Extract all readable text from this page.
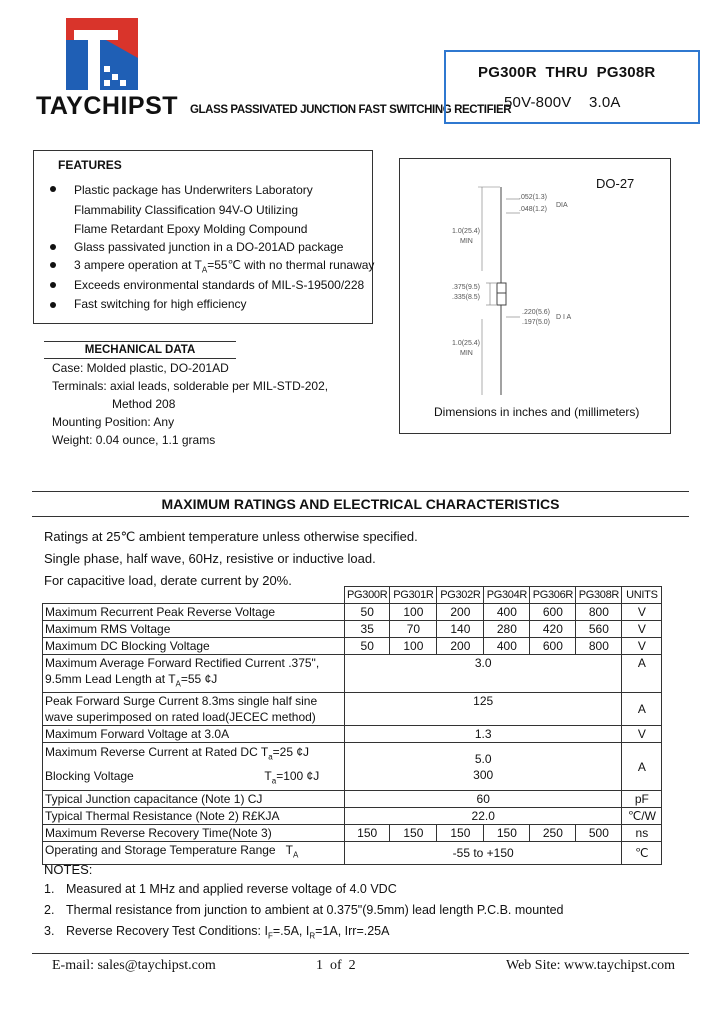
TAYCHIPST GLASS PASSIVATED JUNCTION FAST SWITCHING RECTIFIER
PG300R  THRU  PG308R
50V-800V    3.0A
FEATURES
Plastic package has Underwriters Laboratory
Flammability Classification 94V-O Utilizing
Flame Retardant Epoxy Molding Compound
Glass passivated junction in a DO-201AD package
3 ampere operation at $T_A=55℃$ with no thermal runaway
Exceeds environmental standards of MIL-S-19500/228
Fast switching for high efficiency
MECHANICAL DATA
Case: Molded plastic, DO-201AD
Terminals: axial leads, solderable per MIL-STD-202,
Method 208
Mounting Position: Any
Weight: 0.04 ounce, 1.1 grams
DO-27
.052(1.3)
.048(1.2)
DIA
1.0(25.4)
MIN
.375(9.5)
.335(8.5)
.220(5.6)
.197(5.0)
D I A
1.0(25.4)
MIN
Dimensions in inches and (millimeters)
MAXIMUM RATINGS AND ELECTRICAL CHARACTERISTICS
Ratings at 25℃ ambient temperature unless otherwise specified.
Single phase, half wave, 60Hz, resistive or inductive load.
For capacitive load, derate current by 20%.
	PG300R	PG301R	PG302R	PG304R	PG306R	PG308R	UNITS
Maximum Recurrent Peak Reverse Voltage	50	100	200	400	600	800	V
Maximum RMS Voltage	35	70	140	280	420	560	V
Maximum DC Blocking Voltage	50	100	200	400	600	800	V
Maximum Average Forward Rectified Current .375",
9.5mm Lead Length at $T_A=55$ ¢J	3.0						A
Peak Forward Surge Current 8.3ms single half sine
wave superimposed on rated load(JECEC method)	125						A
Maximum Forward Voltage at 3.0A	1.3						V
Maximum Reverse Current at Rated DC $T_a=25$ ¢J
Blocking Voltage $T_a=100$ ¢J	5.0
300						A
Typical Junction capacitance (Note 1) CJ	60						pF
Typical Thermal Resistance (Note 2) R£KJA	22.0						℃/W
Maximum Reverse Recovery Time(Note 3)	150	150	150	150	250	500	ns
Operating and Storage Temperature Range $T_A$	-55 to +150						℃
NOTES:
1. Measured at 1 MHz and applied reverse voltage of 4.0 VDC
2. Thermal resistance from junction to ambient at 0.375"(9.5mm) lead length P.C.B. mounted
3. Reverse Recovery Test Conditions: $I_F=.5A$, $I_R=1A$, Irr=.25A
E-mail: sales@taychipst.com	1  of  2	Web Site: www.taychipst.com
